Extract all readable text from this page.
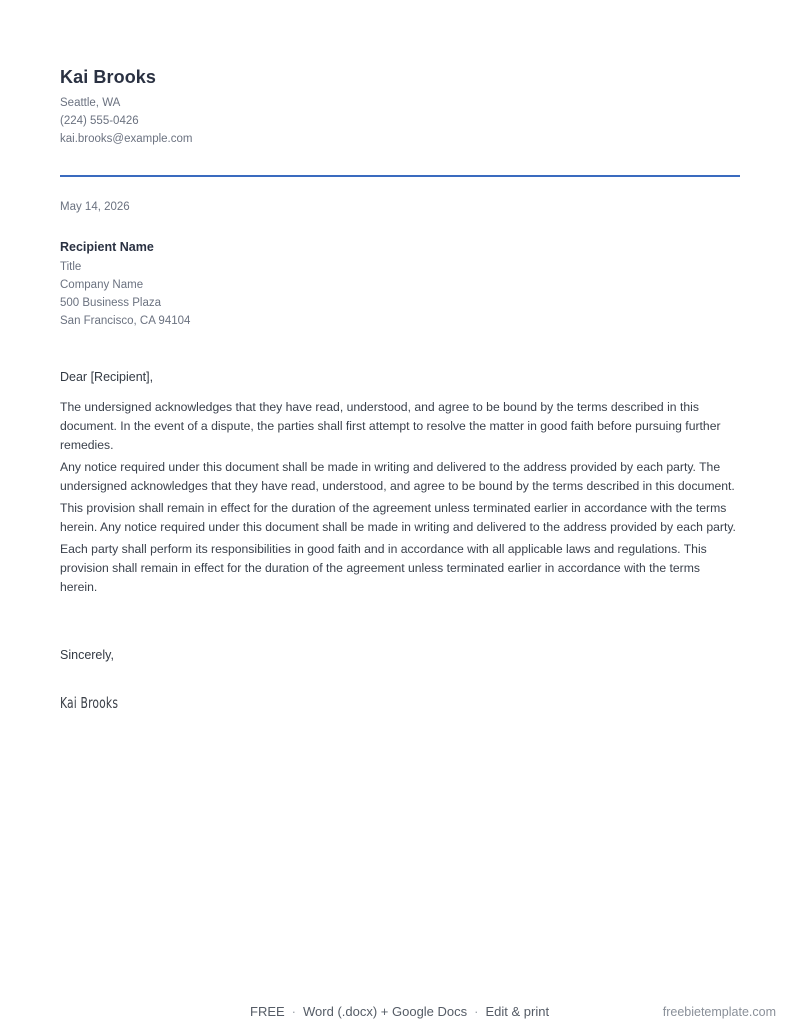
Kai Brooks
Seattle, WA
(224) 555-0426
kai.brooks@example.com
May 14, 2026
Recipient Name
Title
Company Name
500 Business Plaza
San Francisco, CA 94104
Dear [Recipient],

The undersigned acknowledges that they have read, understood, and agree to be bound by the terms described in this document. In the event of a dispute, the parties shall first attempt to resolve the matter in good faith before pursuing further remedies.

Any notice required under this document shall be made in writing and delivered to the address provided by each party. The undersigned acknowledges that they have read, understood, and agree to be bound by the terms described in this document.

This provision shall remain in effect for the duration of the agreement unless terminated earlier in accordance with the terms herein. Any notice required under this document shall be made in writing and delivered to the address provided by each party.

Each party shall perform its responsibilities in good faith and in accordance with all applicable laws and regulations. This provision shall remain in effect for the duration of the agreement unless terminated earlier in accordance with the terms herein.

Sincerely,
Kai Brooks
FREE · Word (.docx) + Google Docs · Edit & print	freebietemplate.com
